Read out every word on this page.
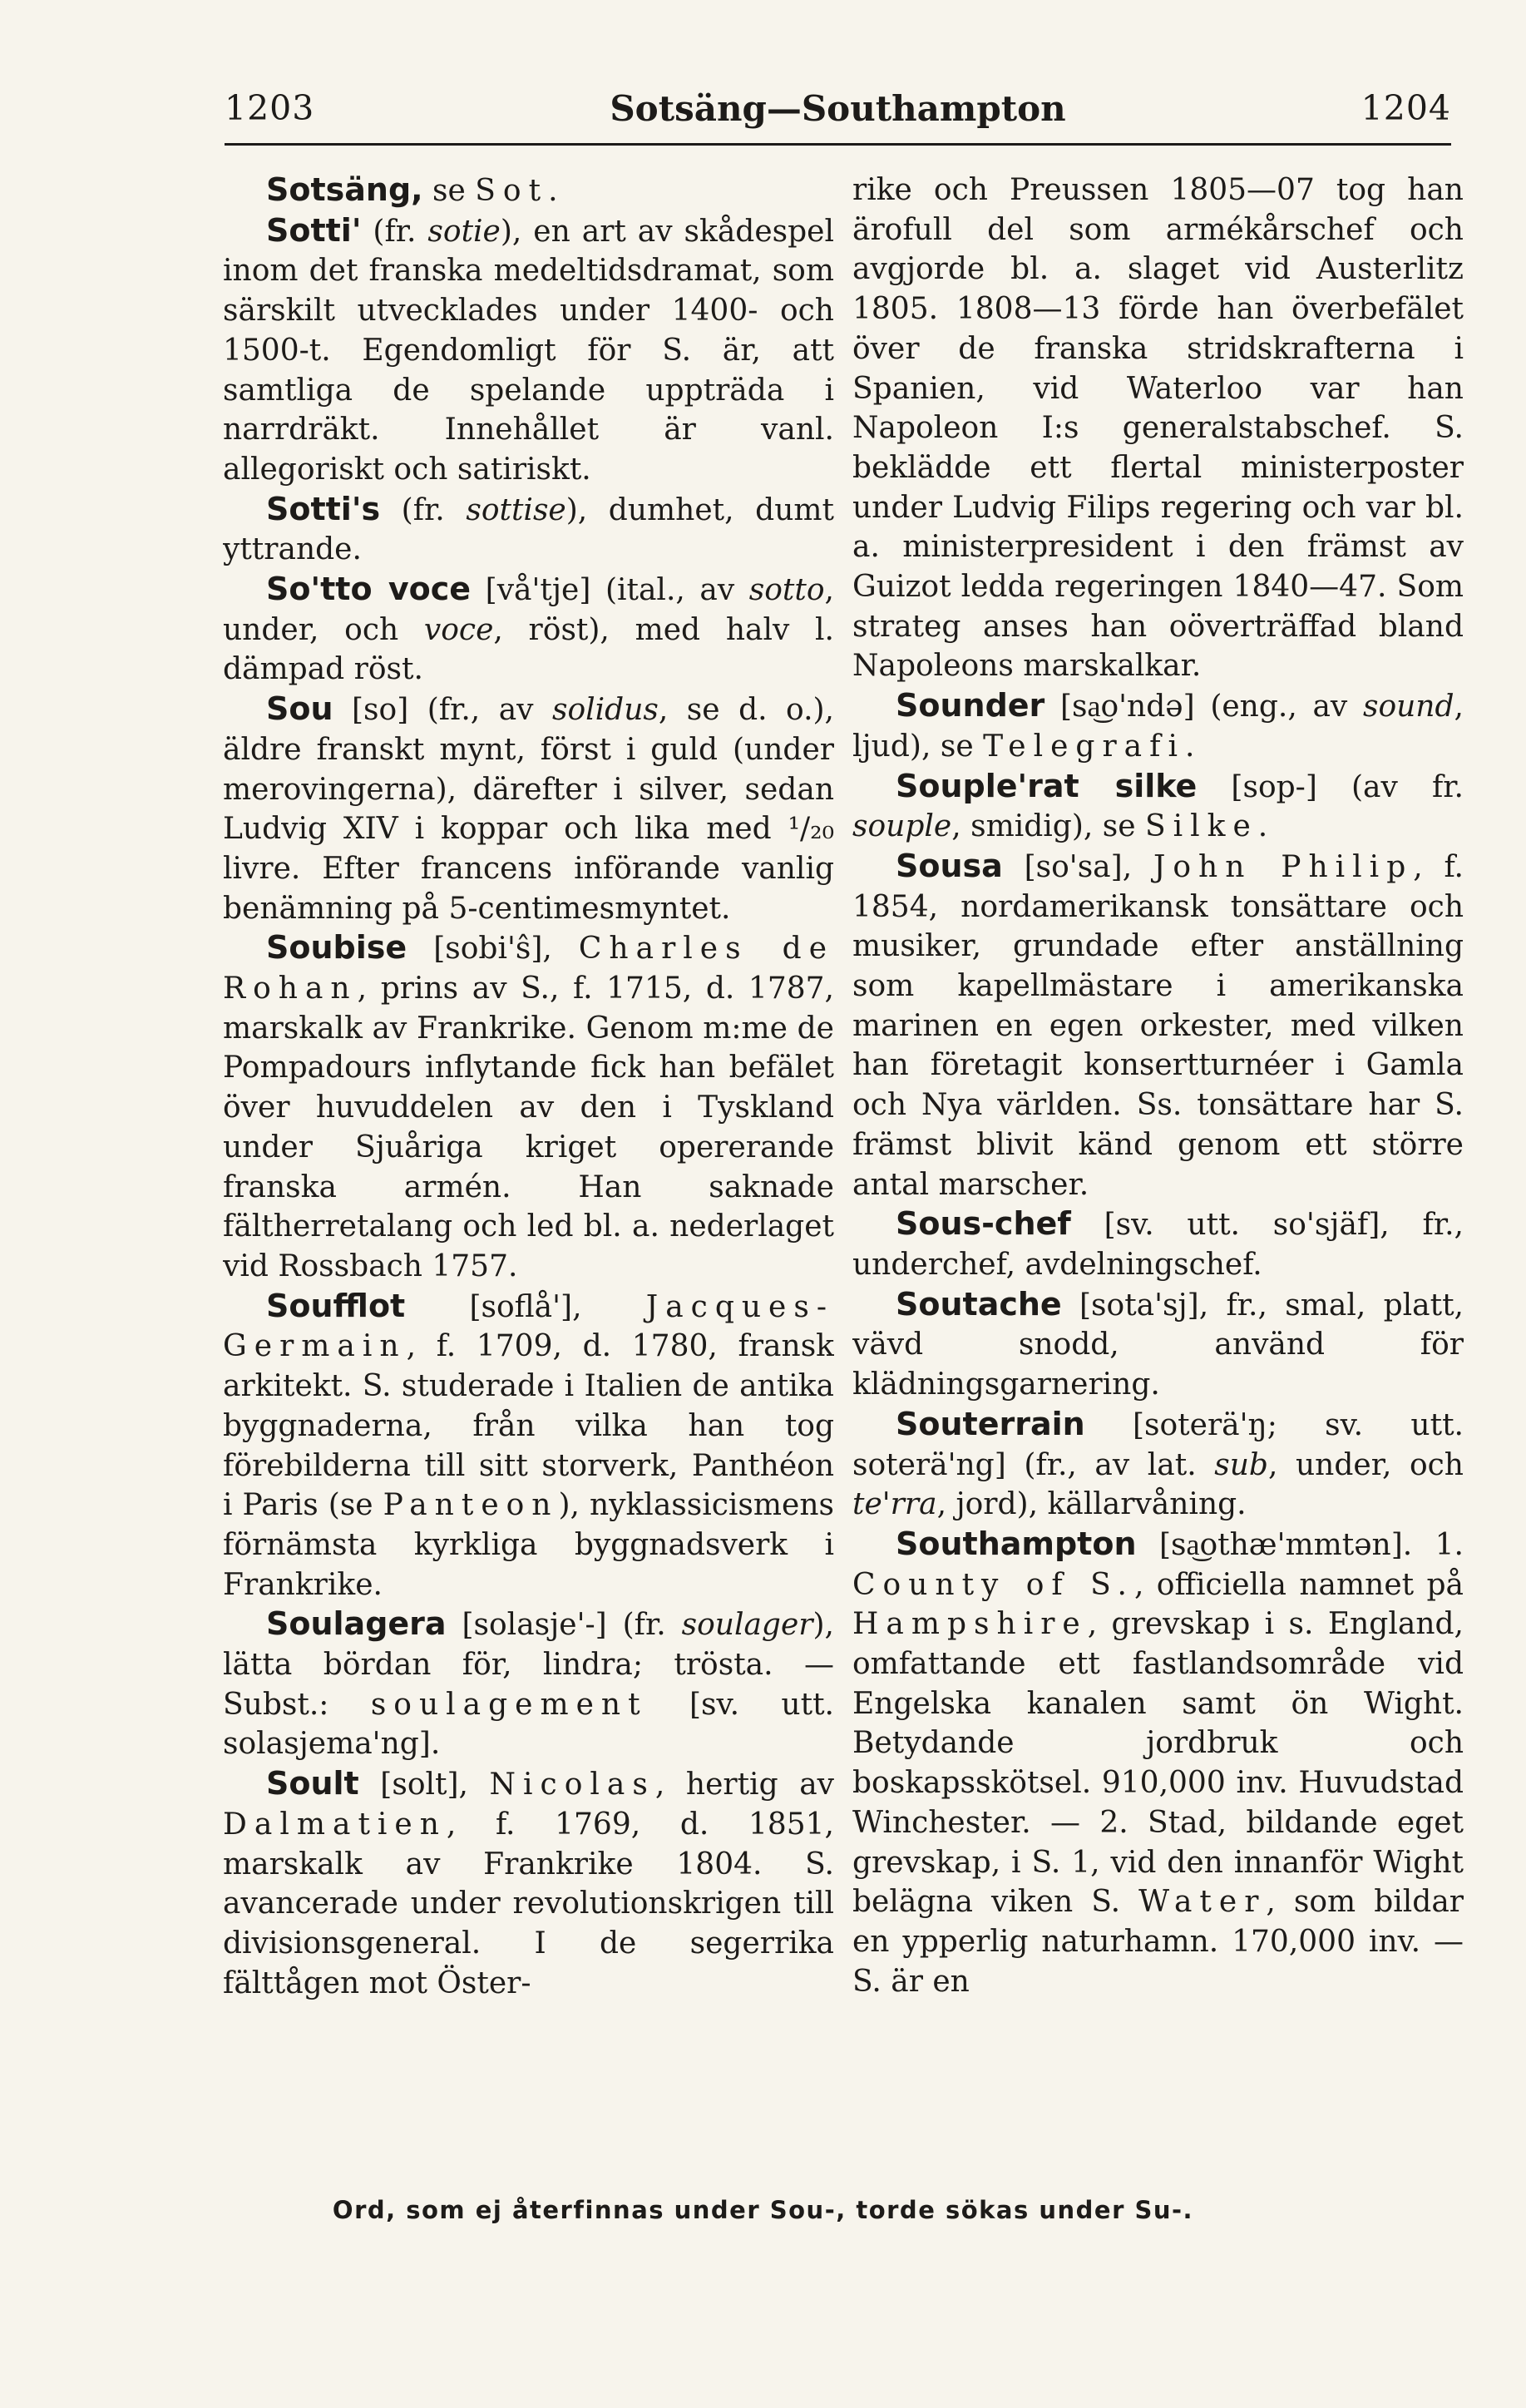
1203	Sotsäng—Southampton	1204

Sotsäng, se Sot.

Sotti' (fr. sotie), en art av skådespel inom det franska medeltidsdramat, som särskilt utvecklades under 1400- och 1500-t. Egendomligt för S. är, att samtliga de spelande uppträda i narrdräkt. Innehållet är vanl. allegoriskt och satiriskt.

Sotti's (fr. sottise), dumhet, dumt yttrande.

So'tto voce [vå'tje] (ital., av sotto, under, och voce, röst), med halv l. dämpad röst.

Sou [so] (fr., av solidus, se d. o.), äldre franskt mynt, först i guld (under merovingerna), därefter i silver, sedan Ludvig XIV i koppar och lika med ¹/₂₀ livre. Efter francens införande vanlig benämning på 5-centimesmyntet.

Soubise [sobi'ŝ], Charles de Rohan, prins av S., f. 1715, d. 1787, marskalk av Frankrike. Genom m:me de Pompadours inflytande fick han befälet över huvuddelen av den i Tyskland under Sjuåriga kriget opererande franska armén. Han saknade fältherretalang och led bl. a. nederlaget vid Rossbach 1757.

Soufflot [soflå'], Jacques-Germain, f. 1709, d. 1780, fransk arkitekt. S. studerade i Italien de antika byggnaderna, från vilka han tog förebilderna till sitt storverk, Panthéon i Paris (se Panteon), nyklassicismens förnämsta kyrkliga byggnadsverk i Frankrike.

Soulagera [solasje'-] (fr. soulager), lätta bördan för, lindra; trösta. — Subst.: soulagement [sv. utt. solasjema'ng].

Soult [solt], Nicolas, hertig av Dalmatien, f. 1769, d. 1851, marskalk av Frankrike 1804. S. avancerade under revolutionskrigen till divisionsgeneral. I de segerrika fälttågen mot Öster-

rike och Preussen 1805—07 tog han ärofull del som armékårschef och avgjorde bl. a. slaget vid Austerlitz 1805. 1808—13 förde han överbefälet över de franska stridskrafterna i Spanien, vid Waterloo var han Napoleon I:s generalstabschef. S. beklädde ett flertal ministerposter under Ludvig Filips regering och var bl. a. ministerpresident i den främst av Guizot ledda regeringen 1840—47. Som strateg anses han oöverträffad bland Napoleons marskalkar.

Sounder [sa͜o'ndə] (eng., av sound, ljud), se Telegrafi.

Souple'rat silke [sop-] (av fr. souple, smidig), se Silke.

Sousa [so'sa], John Philip, f. 1854, nordamerikansk tonsättare och musiker, grundade efter anställning som kapellmästare i amerikanska marinen en egen orkester, med vilken han företagit konsertturnéer i Gamla och Nya världen. Ss. tonsättare har S. främst blivit känd genom ett större antal marscher.

Sous-chef [sv. utt. so'sjäf], fr., underchef, avdelningschef.

Soutache [sota'sj], fr., smal, platt, vävd snodd, använd för klädningsgarnering.

Souterrain [soterä'ŋ; sv. utt. soterä'ng] (fr., av lat. sub, under, och te'rra, jord), källarvåning.

Southampton [sa͜othæ'mmtən]. 1. County of S., officiella namnet på Hampshire, grevskap i s. England, omfattande ett fastlandsområde vid Engelska kanalen samt ön Wight. Betydande jordbruk och boskapsskötsel. 910,000 inv. Huvudstad Winchester. — 2. Stad, bildande eget grevskap, i S. 1, vid den innanför Wight belägna viken S. Water, som bildar en ypperlig naturhamn. 170,000 inv. — S. är en

Ord, som ej återfinnas under Sou-, torde sökas under Su-.
